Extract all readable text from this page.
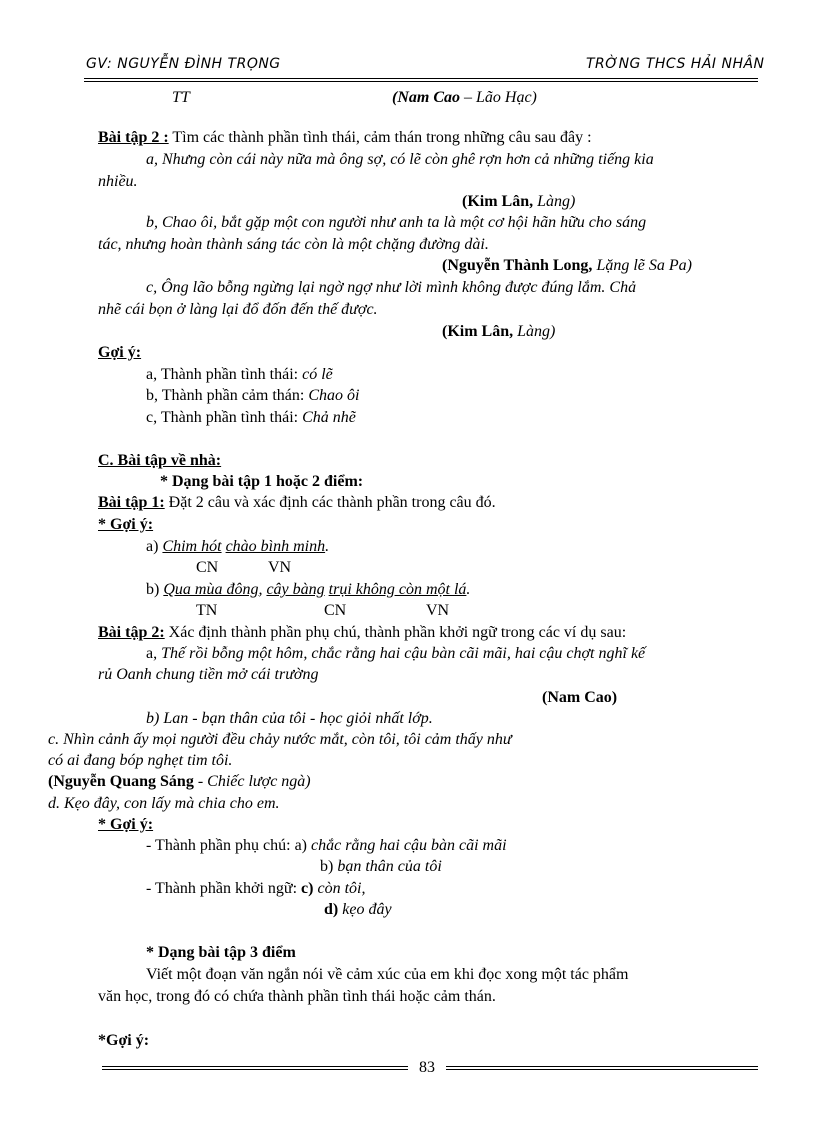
GV: NGUYỄN ĐÌNH TRỌNG	TRỜNG THCS HẢI NHÂN
TT	(Nam Cao – Lão Hạc)
Bài tập 2 : Tìm các thành phần tình thái, cảm thán trong những câu sau đây :
a, Nhưng còn cái này nữa mà ông sợ, có lẽ còn ghê rợn hơn cả những tiếng kia
nhiều.
(Kim Lân, Làng)
b, Chao ôi, bắt gặp một con người như anh ta là một cơ hội hãn hữu cho sáng
tác, nhưng hoàn thành sáng tác còn là một chặng đường dài.
(Nguyễn Thành Long, Lặng lẽ Sa Pa)
c, Ông lão bỗng ngừng lại ngờ ngợ như lời mình không được đúng lắm. Chả
nhẽ cái bọn ở làng lại đổ đốn đến thế được.
(Kim Lân, Làng)
Gợi ý:
a, Thành phần tình thái: có lẽ
b, Thành phần cảm thán: Chao ôi
c, Thành phần tình thái: Chả nhẽ
C. Bài tập về nhà:
* Dạng bài tập 1 hoặc 2 điểm:
Bài tập 1: Đặt 2 câu và xác định các thành phần trong câu đó.
* Gợi ý:
a) Chim hót chào bình minh.
CN	VN
b) Qua mùa đông, cây bàng trụi không còn một lá.
TN	CN	VN
Bài tập 2: Xác định thành phần phụ chú, thành phần khởi ngữ trong các ví dụ sau:
a, Thế rồi bỗng một hôm, chắc rằng hai cậu bàn cãi mãi, hai cậu chợt nghĩ kế
rủ Oanh chung tiền mở cái trường
(Nam Cao)
b) Lan - bạn thân của tôi - học giỏi nhất lớp.
c. Nhìn cảnh ấy mọi người đều chảy nước mắt, còn tôi, tôi cảm thấy như
có ai đang bóp nghẹt tim tôi.
(Nguyễn Quang Sáng - Chiếc lược ngà)
d. Kẹo đây, con lấy mà chia cho em.
* Gợi ý:
- Thành phần phụ chú: a) chắc rằng hai cậu bàn cãi mãi
b) bạn thân của tôi
- Thành phần khởi ngữ: c) còn tôi,
d) kẹo đây
* Dạng bài tập 3 điểm
Viết một đoạn văn ngắn nói về cảm xúc của em khi đọc xong một tác phẩm
văn học, trong đó có chứa thành phần tình thái hoặc cảm thán.
*Gợi ý:
83
